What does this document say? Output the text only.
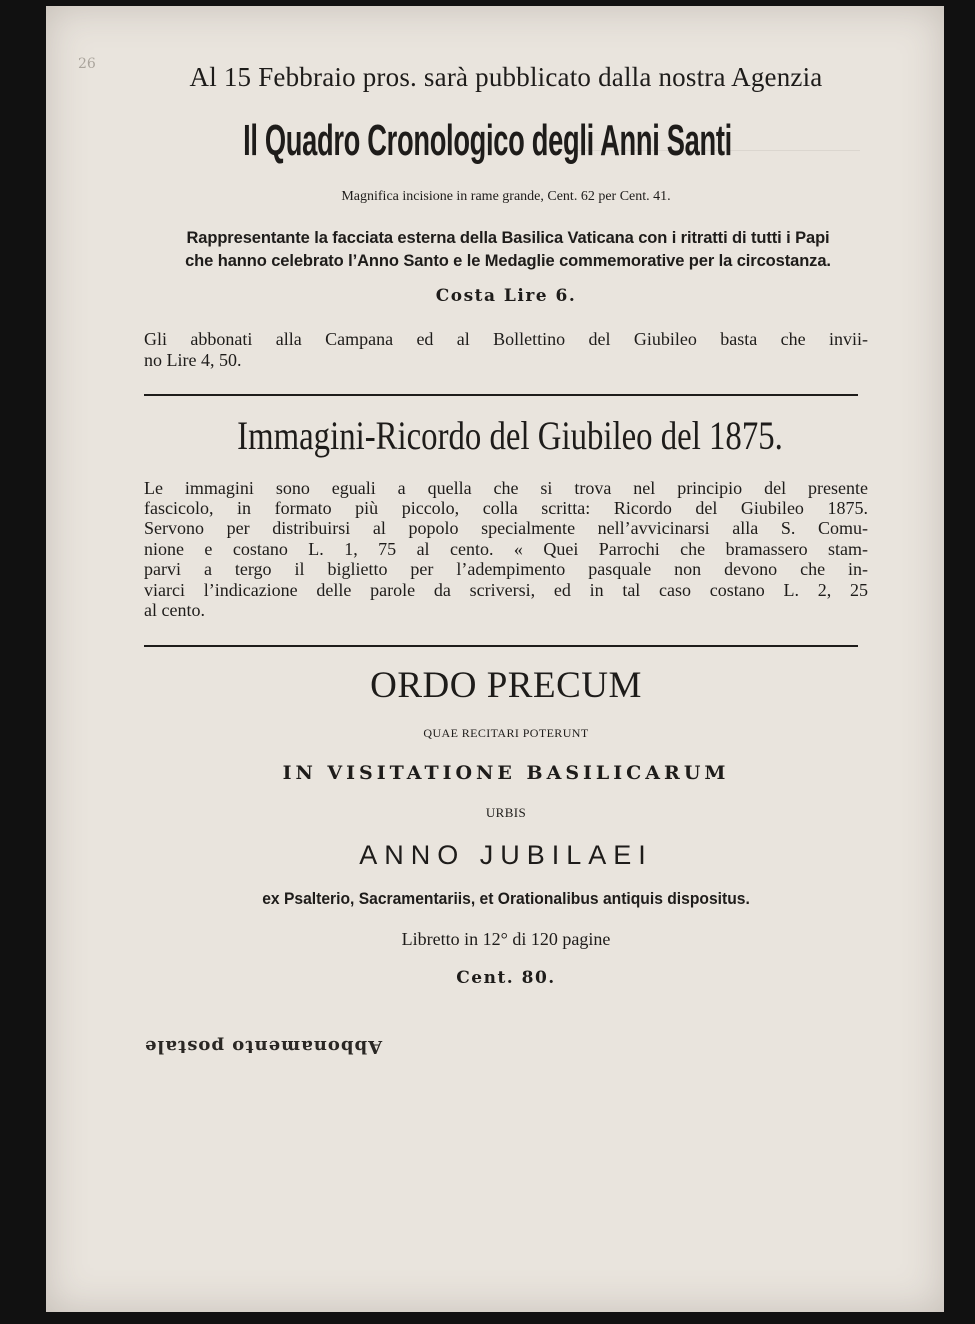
26	Al 15 Febbraio pros. sarà pubblicato dalla nostra Agenzia

Il Quadro Cronologico degli Anni Santi

Magnifica incisione in rame grande, Cent. 62 per Cent. 41.

Rappresentante la facciata esterna della Basilica Vaticana con i ritratti di tutti i Papi

che hanno celebrato l’Anno Santo e le Medaglie commemorative per la circostanza.

Costa Lire 6.

Gli abbonati alla Campana ed al Bollettino del Giubileo basta che invii-

no Lire 4, 50.

Immagini-Ricordo del Giubileo del 1875.

Le immagini sono eguali a quella che si trova nel principio del presente

fascicolo, in formato più piccolo, colla scritta: Ricordo del Giubileo 1875.

Servono per distribuirsi al popolo specialmente nell’avvicinarsi alla S. Comu-

nione e costano L. 1, 75 al cento. « Quei Parrochi che bramassero stam-

parvi a tergo il biglietto per l’adempimento pasquale non devono che in-

viarci l’indicazione delle parole da scriversi, ed in tal caso costano L. 2, 25

al cento.

ORDO PRECUM

QUAE RECITARI POTERUNT

IN VISITATIONE BASILICARUM

URBIS

ANNO JUBILAEI

ex Psalterio, Sacramentariis, et Orationalibus antiquis dispositus.

Libretto in 12° di 120 pagine

Cent. 80.

Abbonamento postale
